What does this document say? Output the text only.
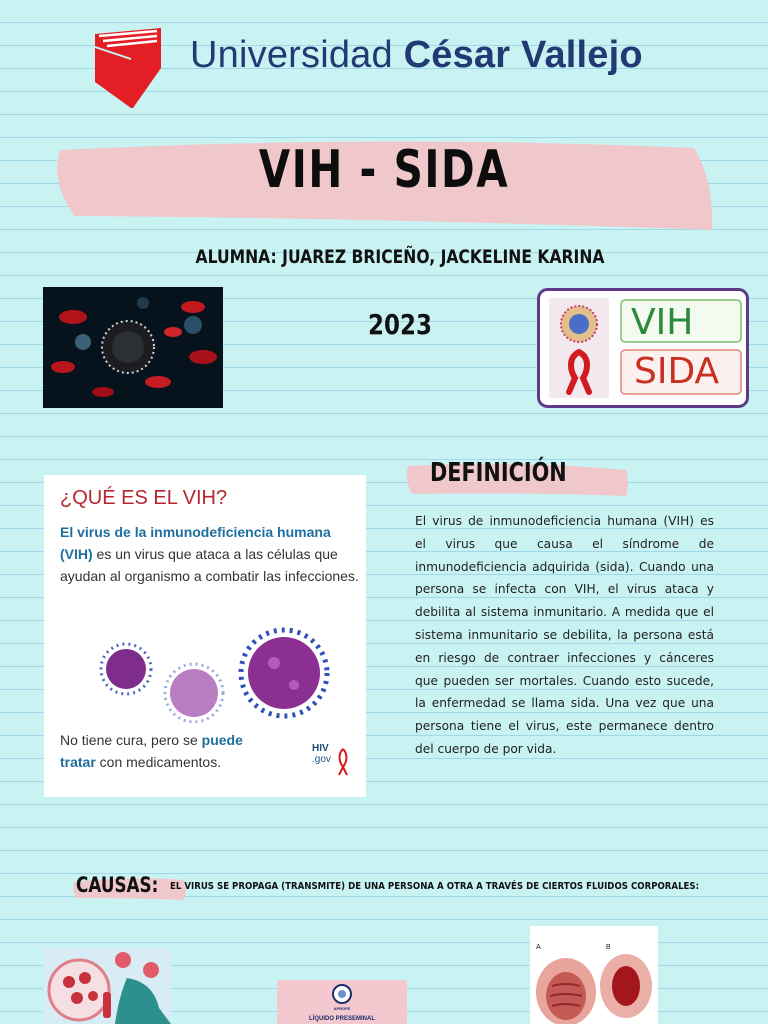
Universidad César Vallejo
VIH - SIDA
ALUMNA: JUAREZ BRICEÑO, JACKELINE KARINA
2023	VIH
SIDA
¿QUÉ ES EL VIH?
El virus de la inmunodeficiencia humana (VIH) es un virus que ataca a las células que ayudan al organismo a combatir las infecciones.
No tiene cura, pero se puede tratar con medicamentos.
HIV
.gov
DEFINICIÓN
El virus de inmunodeficiencia humana (VIH) es el virus que causa el síndrome de inmunodeficiencia adquirida (sida). Cuando una persona se infecta con VIH, el virus ataca y debilita al sistema inmunitario. A medida que el sistema inmunitario se debilita, la persona está en riesgo de contraer infecciones y cánceres que pueden ser mortales. Cuando esto sucede, la enfermedad se llama sida. Una vez que una persona tiene el virus, este permanece dentro del cuerpo de por vida.
CAUSAS: EL VIRUS SE PROPAGA (TRANSMITE) DE UNA PERSONA A OTRA A TRAVÉS DE CIERTOS FLUIDOS CORPORALES:
APROFE
LÍQUIDO PRESEMINAL
A	B
